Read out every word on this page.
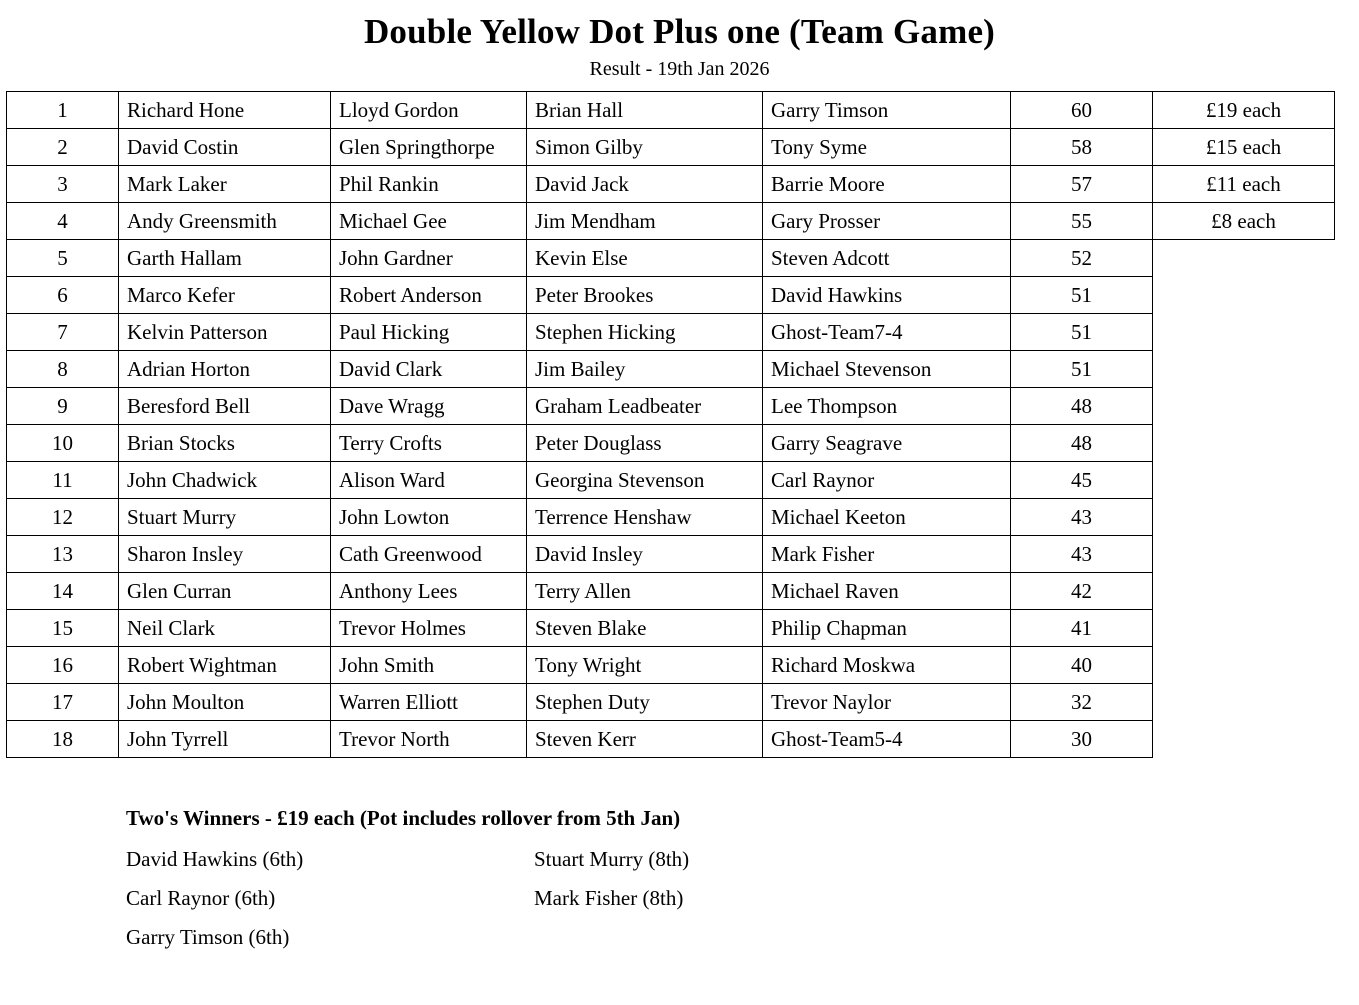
Double Yellow Dot Plus one (Team Game)
Result - 19th Jan 2026
1	Richard Hone	Lloyd Gordon	Brian Hall	Garry Timson	60	£19 each
2	David Costin	Glen Springthorpe	Simon Gilby	Tony Syme	58	£15 each
3	Mark Laker	Phil Rankin	David Jack	Barrie Moore	57	£11 each
4	Andy Greensmith	Michael Gee	Jim Mendham	Gary Prosser	55	£8 each
5	Garth Hallam	John Gardner	Kevin Else	Steven Adcott	52	
6	Marco Kefer	Robert Anderson	Peter Brookes	David Hawkins	51	
7	Kelvin Patterson	Paul Hicking	Stephen Hicking	Ghost-Team7-4	51	
8	Adrian Horton	David Clark	Jim Bailey	Michael Stevenson	51	
9	Beresford Bell	Dave Wragg	Graham Leadbeater	Lee Thompson	48	
10	Brian Stocks	Terry Crofts	Peter Douglass	Garry Seagrave	48	
11	John Chadwick	Alison Ward	Georgina Stevenson	Carl Raynor	45	
12	Stuart Murry	John Lowton	Terrence Henshaw	Michael Keeton	43	
13	Sharon Insley	Cath Greenwood	David Insley	Mark Fisher	43	
14	Glen Curran	Anthony Lees	Terry Allen	Michael Raven	42	
15	Neil Clark	Trevor Holmes	Steven Blake	Philip Chapman	41	
16	Robert Wightman	John Smith	Tony Wright	Richard Moskwa	40	
17	John Moulton	Warren Elliott	Stephen Duty	Trevor Naylor	32	
18	John Tyrrell	Trevor North	Steven Kerr	Ghost-Team5-4	30	
Two's Winners - £19 each (Pot includes rollover from 5th Jan)
David Hawkins (6th)	Stuart Murry (8th)
Carl Raynor (6th)	Mark Fisher (8th)
Garry Timson (6th)
